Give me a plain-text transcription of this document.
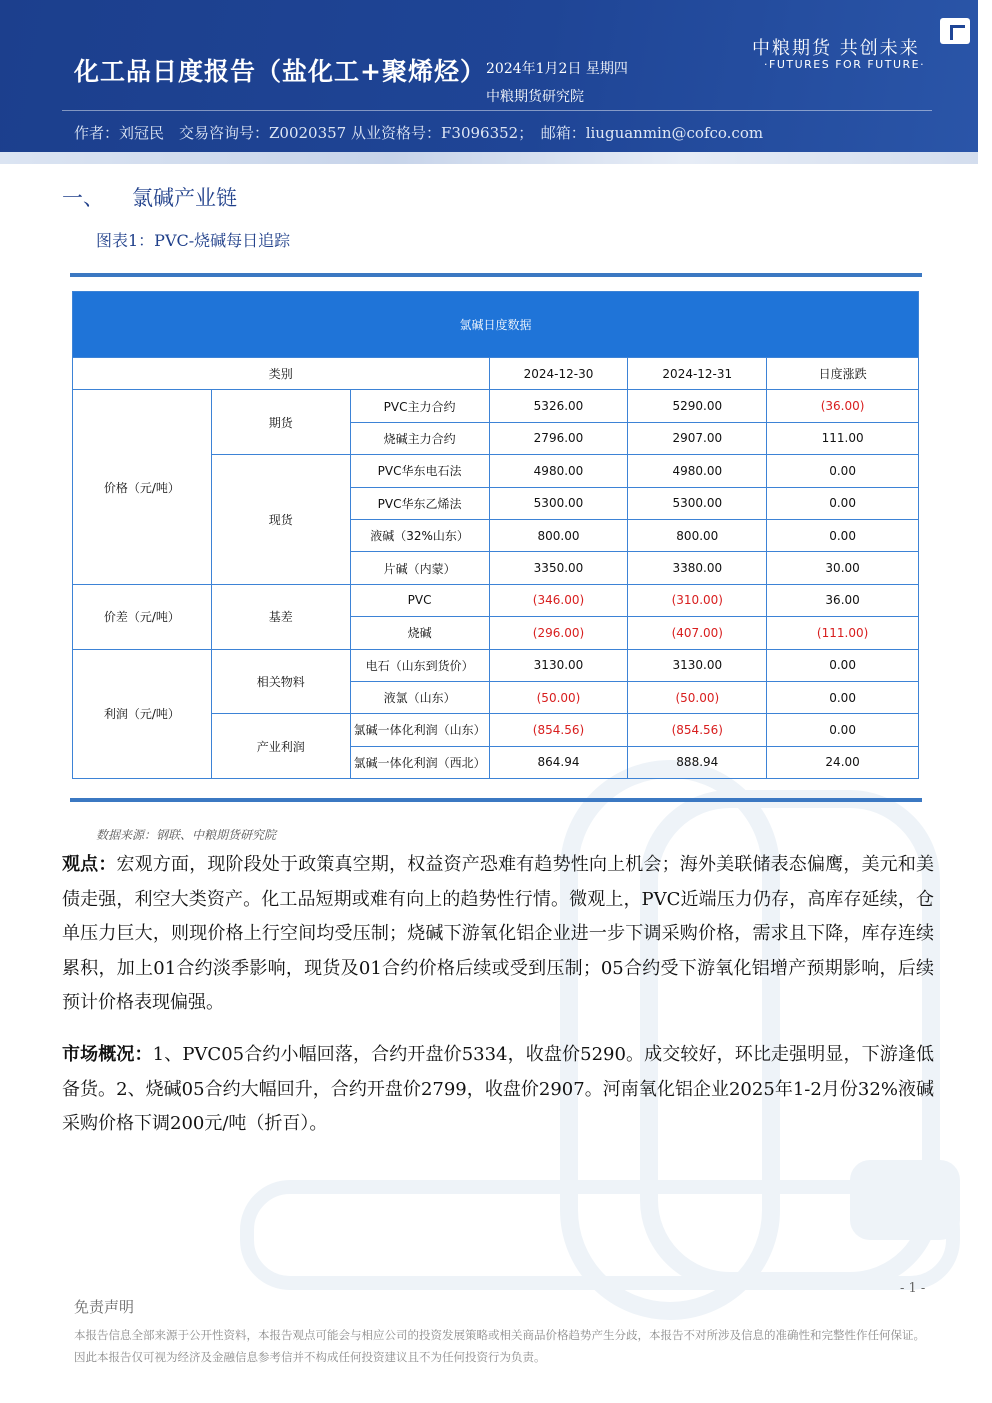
化工品日度报告（盐化工+聚烯烃） 2024年1月2日 星期四
中粮期货研究院
作者：刘冠民　交易咨询号：Z0020357 从业资格号：F3096352；　邮箱：liuguanmin@cofco.com
中粮期货 共创未来
·FUTURES FOR FUTURE·
一、 氯碱产业链
图表1：PVC-烧碱每日追踪
氯碱日度数据					
类别			2024-12-30	2024-12-31	日度涨跌
价格（元/吨）	期货	PVC主力合约	5326.00	5290.00	(36.00)
		烧碱主力合约	2796.00	2907.00	111.00
	现货	PVC华东电石法	4980.00	4980.00	0.00
		PVC华东乙烯法	5300.00	5300.00	0.00
		液碱（32%山东）	800.00	800.00	0.00
		片碱（内蒙）	3350.00	3380.00	30.00
价差（元/吨）	基差	PVC	(346.00)	(310.00)	36.00
		烧碱	(296.00)	(407.00)	(111.00)
利润（元/吨）	相关物料	电石（山东到货价）	3130.00	3130.00	0.00
		液氯（山东）	(50.00)	(50.00)	0.00
	产业利润	氯碱一体化利润（山东）	(854.56)	(854.56)	0.00
		氯碱一体化利润（西北）	864.94	888.94	24.00
数据来源：钢联、中粮期货研究院
观点：宏观方面，现阶段处于政策真空期，权益资产恐难有趋势性向上机会；海外美联储表态偏鹰，美元和美债走强，利空大类资产。化工品短期或难有向上的趋势性行情。微观上，PVC近端压力仍存，高库存延续，仓单压力巨大，则现价格上行空间均受压制；烧碱下游氧化铝企业进一步下调采购价格，需求且下降，库存连续累积，加上01合约淡季影响，现货及01合约价格后续或受到压制；05合约受下游氧化铝增产预期影响，后续预计价格表现偏强。
市场概况：1、PVC05合约小幅回落，合约开盘价5334，收盘价5290。成交较好，环比走强明显，下游逢低备货。2、烧碱05合约大幅回升，合约开盘价2799，收盘价2907。河南氧化铝企业2025年1-2月份32%液碱采购价格下调200元/吨（折百）。
- 1 -
免责声明
本报告信息全部来源于公开性资料，本报告观点可能会与相应公司的投资发展策略或相关商品价格趋势产生分歧，本报告不对所涉及信息的准确性和完整性作任何保证。因此本报告仅可视为经济及金融信息参考信并不构成任何投资建议且不为任何投资行为负责。
